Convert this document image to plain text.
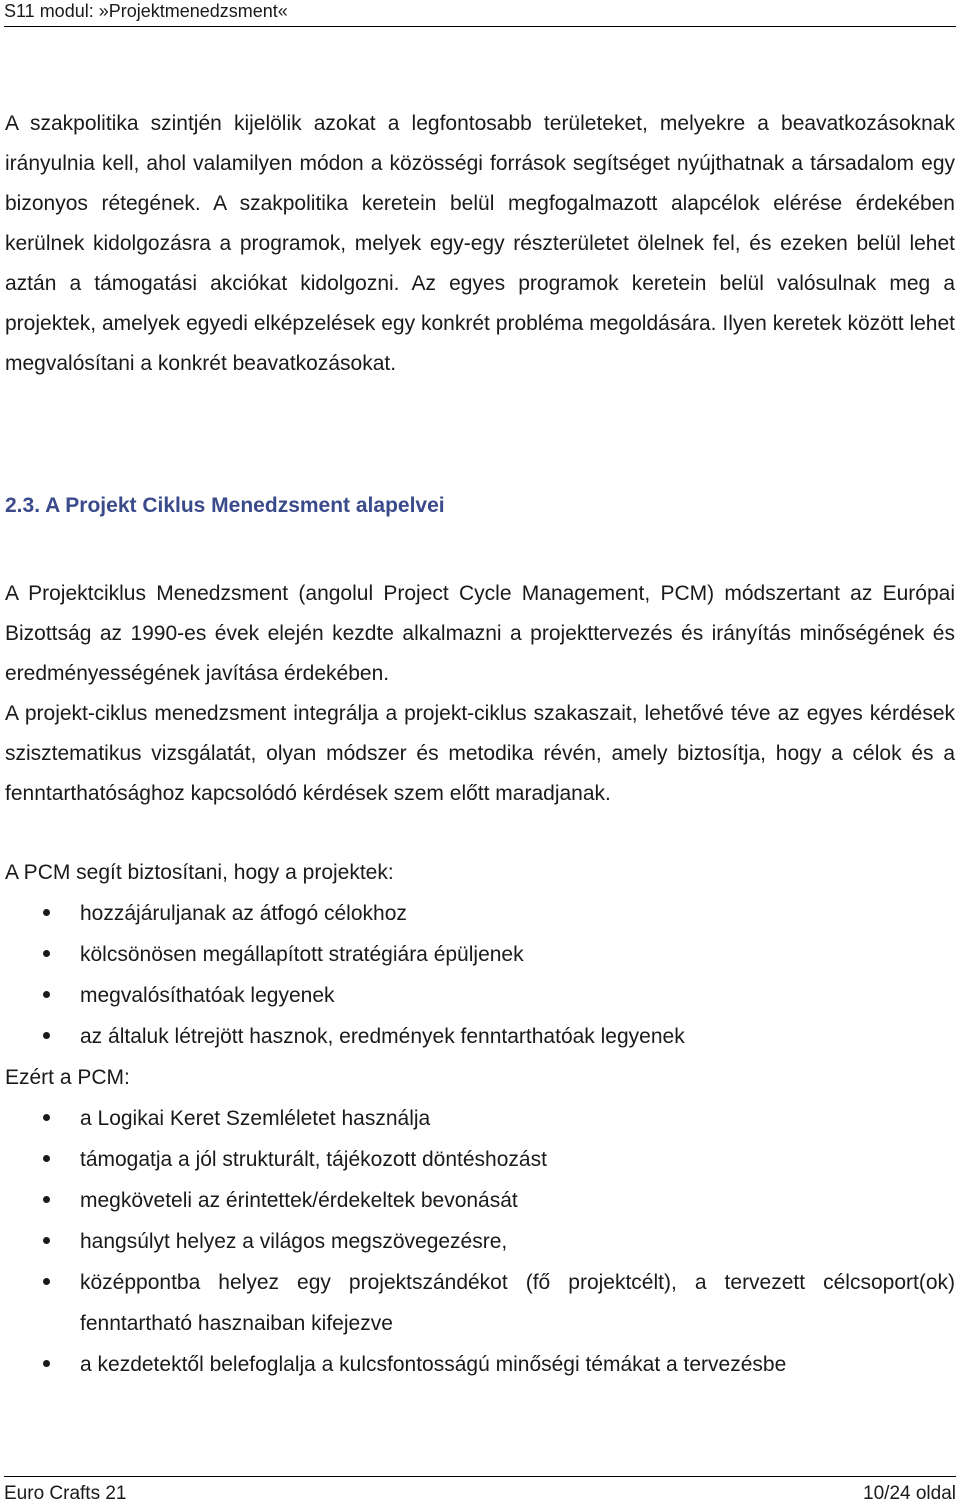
S11 modul: »Projektmenedzsment«

A szakpolitika szintjén kijelölik azokat a legfontosabb területeket, melyekre a beavatkozásoknak irányulnia kell, ahol valamilyen módon a közösségi források segítséget nyújthatnak a társadalom egy bizonyos rétegének. A szakpolitika keretein belül megfogalmazott alapcélok elérése érdekében kerülnek kidolgozásra a programok, melyek egy-egy részterületet ölelnek fel, és ezeken belül lehet aztán a támogatási akciókat kidolgozni. Az egyes programok keretein belül valósulnak meg a projektek, amelyek egyedi elképzelések egy konkrét probléma megoldására. Ilyen keretek között lehet megvalósítani a konkrét beavatkozásokat.

2.3. A Projekt Ciklus Menedzsment alapelvei

A Projektciklus Menedzsment (angolul Project Cycle Management, PCM) módszertant az Európai Bizottság az 1990-es évek elején kezdte alkalmazni a projekttervezés és irányítás minőségének és eredményességének javítása érdekében.

A projekt-ciklus menedzsment integrálja a projekt-ciklus szakaszait, lehetővé téve az egyes kérdések szisztematikus vizsgálatát, olyan módszer és metodika révén, amely biztosítja, hogy a célok és a fenntarthatósághoz kapcsolódó kérdések szem előtt maradjanak.

A PCM segít biztosítani, hogy a projektek:

hozzájáruljanak az átfogó célokhoz
kölcsönösen megállapított stratégiára épüljenek
megvalósíthatóak legyenek
az általuk létrejött hasznok, eredmények fenntarthatóak legyenek

Ezért a PCM:

a Logikai Keret Szemléletet használja
támogatja a jól strukturált, tájékozott döntéshozást
megköveteli az érintettek/érdekeltek bevonását
hangsúlyt helyez a világos megszövegezésre,
középpontba helyez egy projektszándékot (fő projektcélt), a tervezett célcsoport(ok) fenntartható hasznaiban kifejezve
a kezdetektől belefoglalja a kulcsfontosságú minőségi témákat a tervezésbe
Euro Crafts 21	10/24 oldal
